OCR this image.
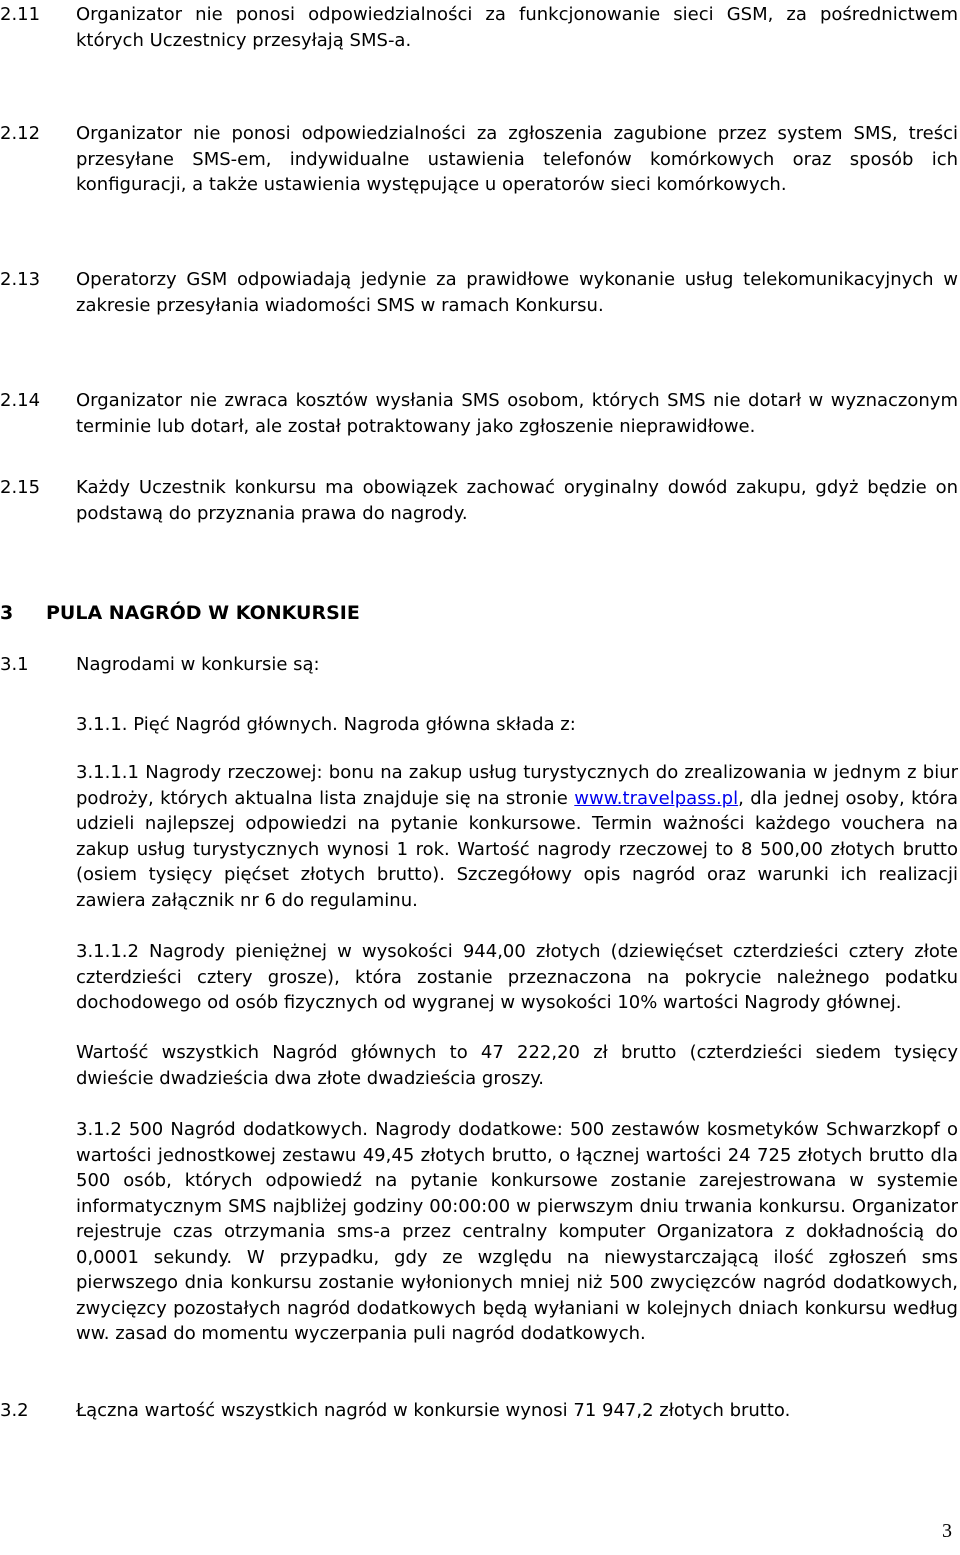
2.11 Organizator nie ponosi odpowiedzialności za funkcjonowanie sieci GSM, za pośrednictwem których Uczestnicy przesyłają SMS-a.
2.12 Organizator nie ponosi odpowiedzialności za zgłoszenia zagubione przez system SMS, treści przesyłane SMS-em, indywidualne ustawienia telefonów komórkowych oraz sposób ich konfiguracji, a także ustawienia występujące u operatorów sieci komórkowych.
2.13 Operatorzy GSM odpowiadają jedynie za prawidłowe wykonanie usług telekomunikacyjnych w zakresie przesyłania wiadomości SMS w ramach Konkursu.
2.14 Organizator nie zwraca kosztów wysłania SMS osobom, których SMS nie dotarł w wyznaczonym terminie lub dotarł, ale został potraktowany jako zgłoszenie nieprawidłowe.
2.15 Każdy Uczestnik konkursu ma obowiązek zachować oryginalny dowód zakupu, gdyż będzie on podstawą do przyznania prawa do nagrody.
3 PULA NAGRÓD W KONKURSIE
3.1	Nagrodami w konkursie są:
3.1.1. Pięć Nagród głównych. Nagroda główna składa z:
3.1.1.1 Nagrody rzeczowej: bonu na zakup usług turystycznych do zrealizowania w jednym z biur podroży, których aktualna lista znajduje się na stronie www.travelpass.pl, dla jednej osoby, która udzieli najlepszej odpowiedzi na pytanie konkursowe. Termin ważności każdego vouchera na zakup usług turystycznych wynosi 1 rok. Wartość nagrody rzeczowej to 8 500,00 złotych brutto (osiem tysięcy pięćset złotych brutto). Szczegółowy opis nagród oraz warunki ich realizacji zawiera załącznik nr 6 do regulaminu.
3.1.1.2 Nagrody pieniężnej w wysokości 944,00 złotych (dziewięćset czterdzieści cztery złote czterdzieści cztery grosze), która zostanie przeznaczona na pokrycie należnego podatku dochodowego od osób fizycznych od wygranej w wysokości 10% wartości Nagrody głównej.
Wartość wszystkich Nagród głównych to 47 222,20 zł brutto (czterdzieści siedem tysięcy dwieście dwadzieścia dwa złote dwadzieścia groszy.
3.1.2 500 Nagród dodatkowych. Nagrody dodatkowe: 500 zestawów kosmetyków Schwarzkopf o wartości jednostkowej zestawu 49,45 złotych brutto, o łącznej wartości 24 725 złotych brutto dla 500 osób, których odpowiedź na pytanie konkursowe zostanie zarejestrowana w systemie informatycznym SMS najbliżej godziny 00:00:00 w pierwszym dniu trwania konkursu. Organizator rejestruje czas otrzymania sms-a przez centralny komputer Organizatora z dokładnością do 0,0001 sekundy. W przypadku, gdy ze względu na niewystarczającą ilość zgłoszeń sms pierwszego dnia konkursu zostanie wyłonionych mniej niż 500 zwycięzców nagród dodatkowych, zwycięzcy pozostałych nagród dodatkowych będą wyłaniani w kolejnych dniach konkursu według ww. zasad do momentu wyczerpania puli nagród dodatkowych.
3.2	Łączna wartość wszystkich nagród w konkursie wynosi 71 947,2 złotych brutto.
3
